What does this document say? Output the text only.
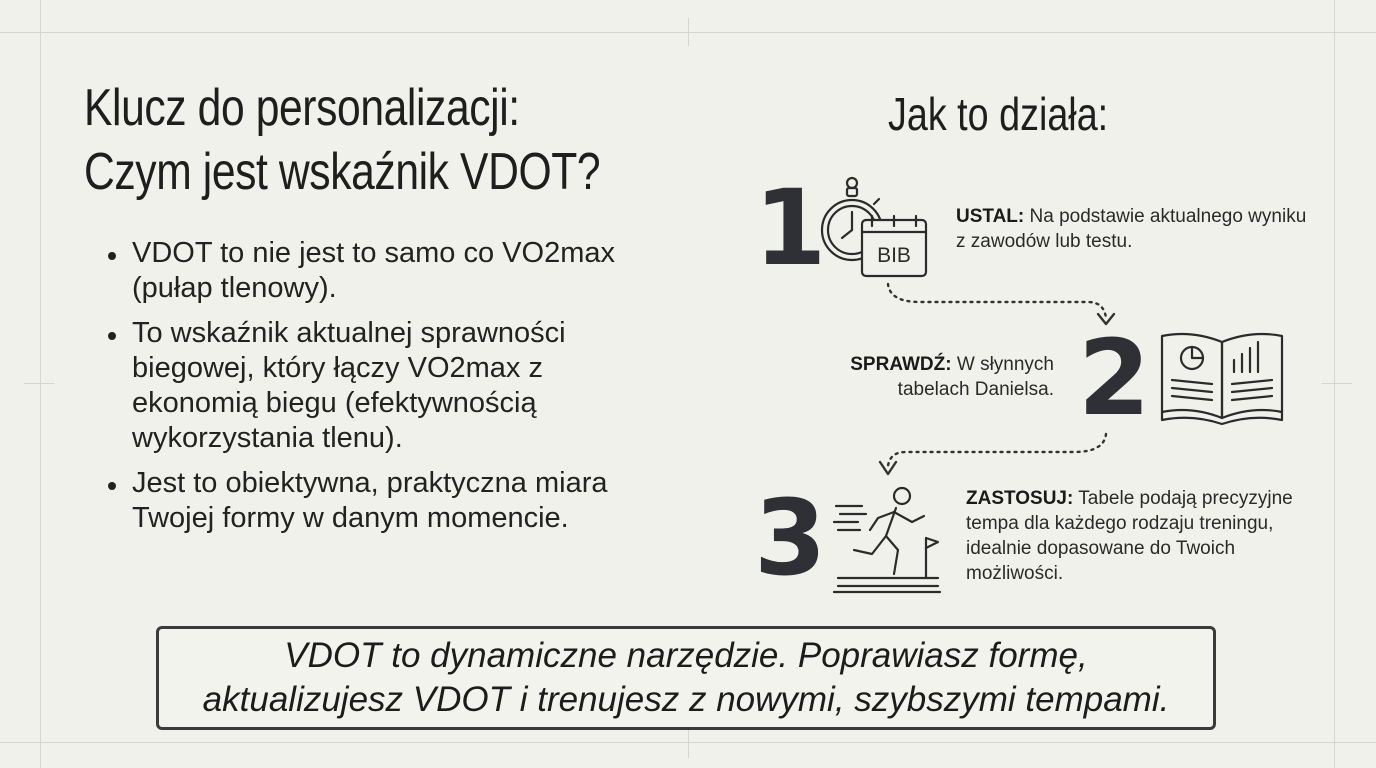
Klucz do personalizacji:
Czym jest wskaźnik VDOT?
VDOT to nie jest to samo co VO2max (pułap tlenowy).
To wskaźnik aktualnej sprawności biegowej, który łączy VO2max z ekonomią biegu (efektywnością wykorzystania tlenu).
Jest to obiektywna, praktyczna miara Twojej formy w danym momencie.
Jak to działa:
1 BIB
USTAL: Na podstawie aktualnego wyniku z zawodów lub testu.
SPRAWDŹ: W słynnych tabelach Danielsa. 2
3	ZASTOSUJ: Tabele podają precyzyjne tempa dla każdego rodzaju treningu, idealnie dopasowane do Twoich możliwości.
VDOT to dynamiczne narzędzie. Poprawiasz formę,
aktualizujesz VDOT i trenujesz z nowymi, szybszymi tempami.
